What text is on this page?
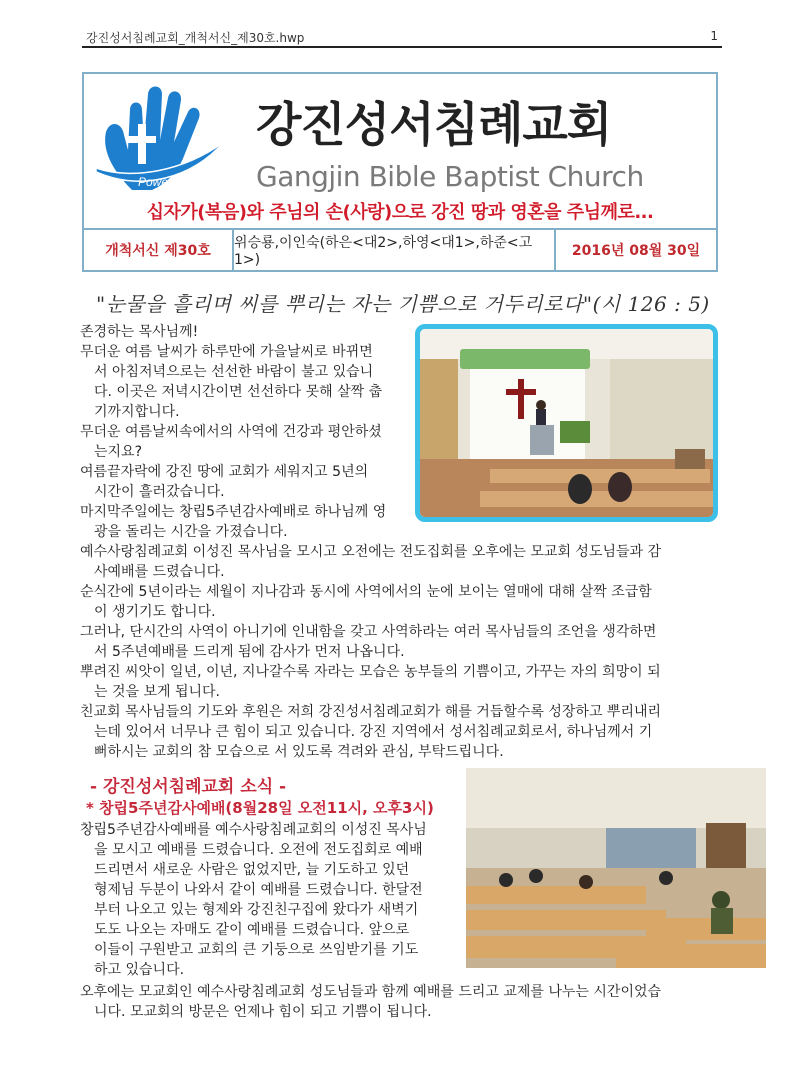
강진성서침례교회_개척서신_제30호.hwp	1
Power
강진성서침례교회
Gangjin Bible Baptist Church
십자가(복음)와 주님의 손(사랑)으로 강진 땅과 영혼을 주님께로...
개척서신 제30호	위승룡,이인숙(하은<대2>,하영<대1>,하준<고1>)
2016년 08월 30일
"눈물을 흘리며 씨를 뿌리는 자는 기쁨으로 거두리로다"(시 126 : 5)
존경하는 목사님께!
무더운 여름 날씨가 하루만에 가을날씨로 바뀌면
서 아침저녁으로는 선선한 바람이 불고 있습니
다. 이곳은 저녁시간이면 선선하다 못해 살짝 춥
기까지합니다.
무더운 여름날씨속에서의 사역에 건강과 평안하셨
는지요?
여름끝자락에 강진 땅에 교회가 세워지고 5년의
시간이 흘러갔습니다.
마지막주일에는 창립5주년감사예배로 하나님께 영
광을 돌리는 시간을 가졌습니다.
예수사랑침례교회 이성진 목사님을 모시고 오전에는 전도집회를 오후에는 모교회 성도님들과 감
사예배를 드렸습니다.
순식간에 5년이라는 세월이 지나감과 동시에 사역에서의 눈에 보이는 열매에 대해 살짝 조급함
이 생기기도 합니다.
그러나, 단시간의 사역이 아니기에 인내함을 갖고 사역하라는 여러 목사님들의 조언을 생각하면
서 5주년예배를 드리게 됨에 감사가 먼저 나옵니다.
뿌려진 씨앗이 일년, 이년, 지나갈수록 자라는 모습은 농부들의 기쁨이고, 가꾸는 자의 희망이 되
는 것을 보게 됩니다.
친교회 목사님들의 기도와 후원은 저희 강진성서침례교회가 해를 거듭할수록 성장하고 뿌리내리
는데 있어서 너무나 큰 힘이 되고 있습니다. 강진 지역에서 성서침례교회로서, 하나님께서 기
뻐하시는 교회의 참 모습으로 서 있도록 격려와 관심, 부탁드립니다.
- 강진성서침례교회 소식 -
* 창립5주년감사예배(8월28일 오전11시, 오후3시)
창립5주년감사예배를 예수사랑침례교회의 이성진 목사님
을 모시고 예배를 드렸습니다. 오전에 전도집회로 예배
드리면서 새로운 사람은 없었지만, 늘 기도하고 있던
형제님 두분이 나와서 같이 예배를 드렸습니다. 한달전
부터 나오고 있는 형제와 강진친구집에 왔다가 새벽기
도도 나오는 자매도 같이 예배를 드렸습니다. 앞으로
이들이 구원받고 교회의 큰 기둥으로 쓰임받기를 기도
하고 있습니다.
오후에는 모교회인 예수사랑침례교회 성도님들과 함께 예배를 드리고 교제를 나누는 시간이었습
니다. 모교회의 방문은 언제나 힘이 되고 기쁨이 됩니다.
